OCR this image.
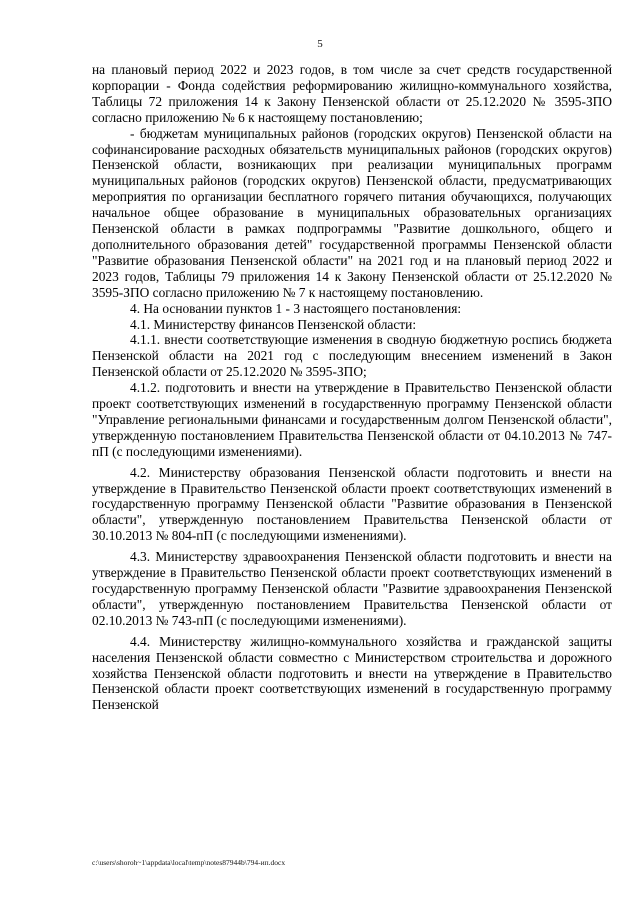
5

на плановый период 2022 и 2023 годов, в том числе за счет средств государственной корпорации - Фонда содействия реформированию жилищно-коммунального хозяйства, Таблицы 72 приложения 14 к Закону Пензенской области от 25.12.2020 № 3595-ЗПО согласно приложению № 6 к настоящему постановлению;

- бюджетам муниципальных районов (городских округов) Пензенской области на софинансирование расходных обязательств муниципальных районов (городских округов) Пензенской области, возникающих при реализации муниципальных программ муниципальных районов (городских округов) Пензенской области, предусматривающих мероприятия по организации бесплатного горячего питания обучающихся, получающих начальное общее образование в муниципальных образовательных организациях Пензенской области в рамках подпрограммы "Развитие дошкольного, общего и дополнительного образования детей" государственной программы Пензенской области "Развитие образования Пензенской области" на 2021 год и на плановый период 2022 и 2023 годов, Таблицы 79 приложения 14 к Закону Пензенской области от 25.12.2020 № 3595-ЗПО согласно приложению № 7 к настоящему постановлению.

4. На основании пунктов 1 - 3 настоящего постановления:

4.1. Министерству финансов Пензенской области:

4.1.1. внести соответствующие изменения в сводную бюджетную роспись бюджета Пензенской области на 2021 год с последующим внесением изменений в Закон Пензенской области от 25.12.2020 № 3595-ЗПО;

4.1.2. подготовить и внести на утверждение в Правительство Пензенской области проект соответствующих изменений в государственную программу Пензенской области "Управление региональными финансами и государственным долгом Пензенской области", утвержденную постановлением Правительства Пензенской области от 04.10.2013 № 747-пП (с последующими изменениями).

4.2. Министерству образования Пензенской области подготовить и внести на утверждение в Правительство Пензенской области проект соответствующих изменений в государственную программу Пензенской области "Развитие образования в Пензенской области", утвержденную постановлением Правительства Пензенской области от 30.10.2013 № 804-пП (с последующими изменениями).

4.3. Министерству здравоохранения Пензенской области подготовить и внести на утверждение в Правительство Пензенской области проект соответствующих изменений в государственную программу Пензенской области "Развитие здравоохранения Пензенской области", утвержденную постановлением Правительства Пензенской области от 02.10.2013 № 743-пП (с последующими изменениями).

4.4. Министерству жилищно-коммунального хозяйства и гражданской защиты населения Пензенской области совместно с Министерством строительства и дорожного хозяйства Пензенской области подготовить и внести на утверждение в Правительство Пензенской области проект соответствующих изменений в государственную программу Пензенской

c:\users\shoroh~1\appdata\local\temp\notes87944b\794-ип.docx
